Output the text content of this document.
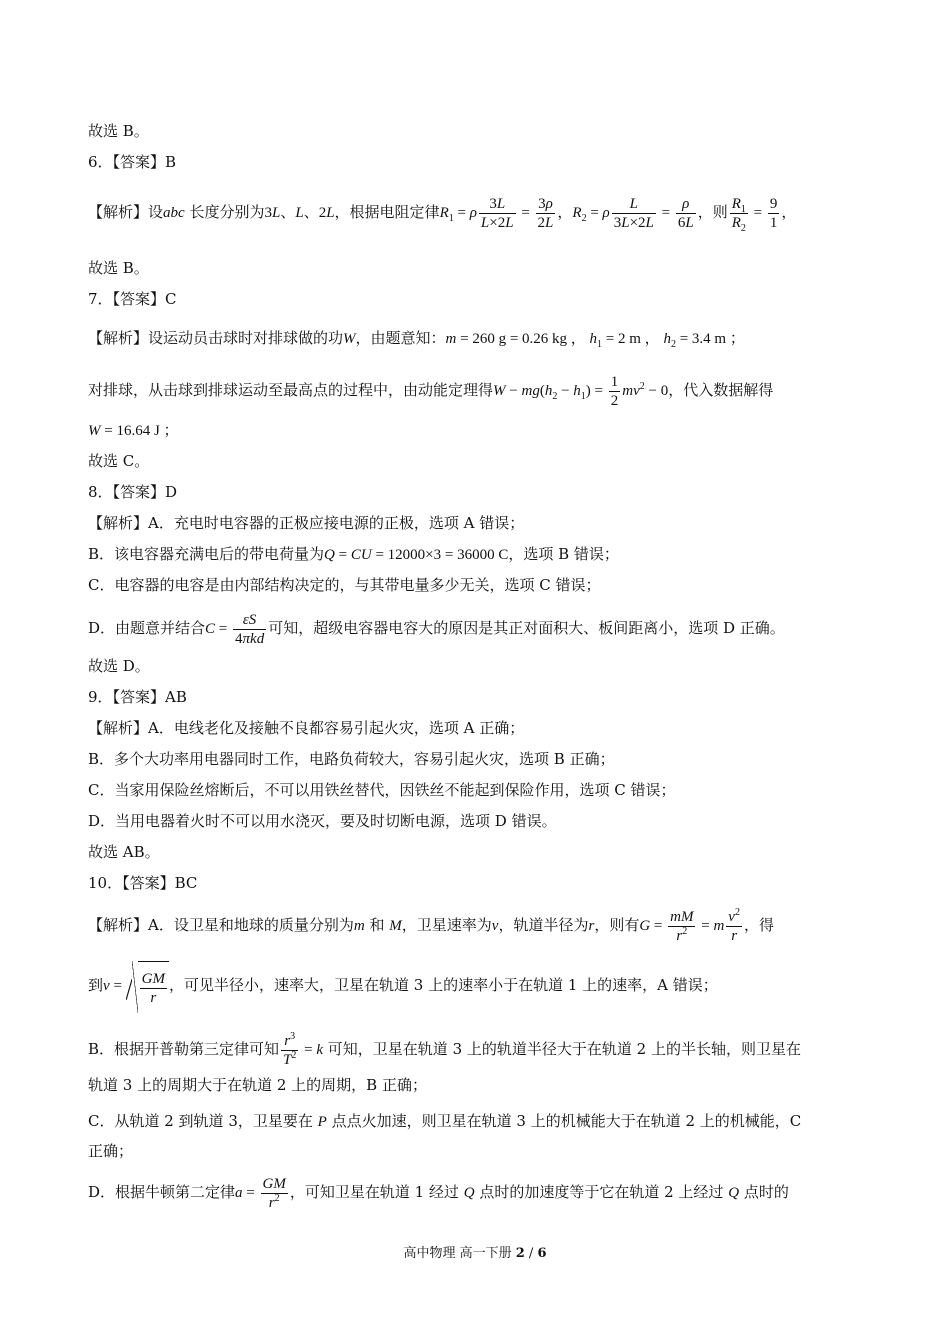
故选 B。
6．【答案】B
【解析】设abc 长度分别为3L、L、2L，根据电阻定律$R_1 = \rho \frac{3L}{L\times 2L} = \frac{3\rho}{2L}$ ，$R_2 = \rho \frac{L}{3L\times 2L} = \frac{\rho}{6L}$ ，则 $\frac{R_1}{R_2} = \frac{9}{1}$ ，
故选 B。
7．【答案】C
【解析】设运动员击球时对排球做的功W，由题意知：m = 260 g = 0.26 kg ， $h_1 = 2$ m ， $h_2 = 3.4$ m ；
对排球，从击球到排球运动至最高点的过程中，由动能定理得$W - mg(h_2 - h_1) = \frac{1}{2} mv^2 - 0$，代入数据解得
W = 16.64 J ；
故选 C。
8．【答案】D
【解析】A．充电时电容器的正极应接电源的正极，选项 A 错误；
B．该电容器充满电后的带电荷量为Q = CU = 12000×3 = 36000 C，选项 B 错误；
C．电容器的电容是由内部结构决定的，与其带电量多少无关，选项 C 错误；
D．由题意并结合$C = \frac{\varepsilon S}{\text{4πkd}}$ 可知，超级电容器电容大的原因是其正对面积大、板间距离小，选项 D 正确。
故选 D。
9．【答案】AB
【解析】A．电线老化及接触不良都容易引起火灾，选项 A 正确；
B．多个大功率用电器同时工作，电路负荷较大，容易引起火灾，选项 B 正确；
C．当家用保险丝熔断后，不可以用铁丝替代，因铁丝不能起到保险作用，选项 C 错误；
D．当用电器着火时不可以用水浇灭，要及时切断电源，选项 D 错误。
故选 AB。
10．【答案】BC
【解析】A．设卫星和地球的质量分别为m 和 M，卫星速率为v，轨道半径为r，则有$G = \frac{mM}{r^2} = m \frac{v^2}{r}$ ，得
到$v = \frac{GM}{r}$ ，可见半径小，速率大，卫星在轨道 3 上的速率小于在轨道 1 上的速率，A 错误；
B．根据开普勒第三定律可知 $\frac{r^3}{T^2} = k$ 可知，卫星在轨道 3 上的轨道半径大于在轨道 2 上的半长轴，则卫星在
轨道 3 上的周期大于在轨道 2 上的周期，B 正确；
C．从轨道 2 到轨道 3，卫星要在 P 点点火加速，则卫星在轨道 3 上的机械能大于在轨道 2 上的机械能，C
正确；
D．根据牛顿第二定律$a = \frac{GM}{r^2}$ ，可知卫星在轨道 1 经过 Q 点时的加速度等于它在轨道 2 上经过 Q 点时的
高中物理 高一下册 2 / 6
